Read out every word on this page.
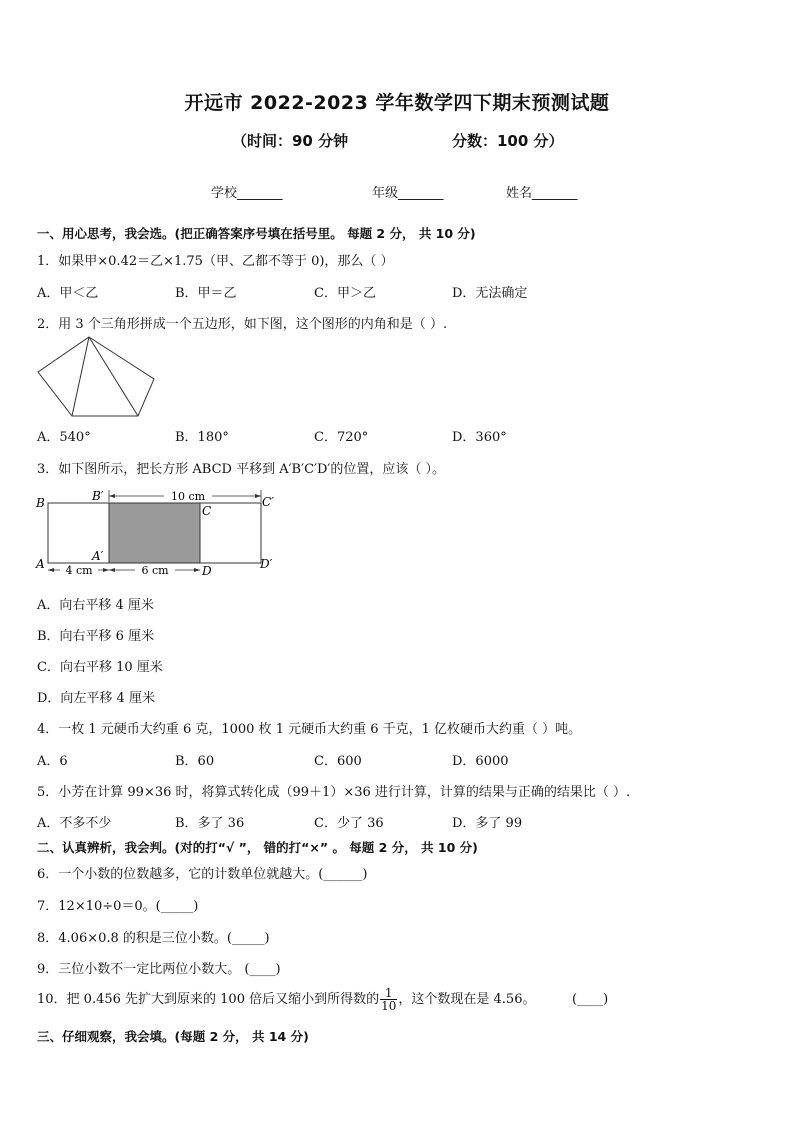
开远市 2022-2023 学年数学四下期末预测试题
（时间：90 分钟	分数：100 分）
学校_______	年级_______	姓名_______
一、用心思考，我会选。(把正确答案序号填在括号里。 每题 2 分， 共 10 分)
1．如果甲×0.42＝乙×1.75（甲、乙都不等于 0)，那么（ ）
A．甲＜乙	B．甲＝乙	C．甲＞乙	D．无法确定
2．用 3 个三角形拼成一个五边形，如下图，这个图形的内角和是（ ）.
A．540°	B．180°	C．720°	D．360°
3．如下图所示，把长方形 ABCD 平移到 A′B′C′D′的位置，应该（ ）。
10 cm
4 cm	6 cm
B	B′
C
C′
A
A′
D	D′
A．向右平移 4 厘米
B．向右平移 6 厘米
C．向右平移 10 厘米
D．向左平移 4 厘米
4．一枚 1 元硬币大约重 6 克，1000 枚 1 元硬币大约重 6 千克，1 亿枚硬币大约重（ ）吨。
A．6	B．60	C．600	D．6000
5．小芳在计算 99×36 时，将算式转化成（99＋1）×36 进行计算，计算的结果与正确的结果比（ ）.
A．不多不少	B．多了 36	C．少了 36	D．多了 99
二、认真辨析，我会判。(对的打“√ ”， 错的打“×” 。 每题 2 分， 共 10 分)
6．一个小数的位数越多，它的计数单位就越大。(______)
7．12×10÷0＝0。(_____)
8．4.06×0.8 的积是三位小数。(_____)
9．三位小数不一定比两位小数大。 (____)
10．把 0.456 先扩大到原来的 100 倍后又缩小到所得数的 $\frac{1}{10}$ ，这个数现在是 4.56。	(____)
三、仔细观察，我会填。(每题 2 分， 共 14 分)
